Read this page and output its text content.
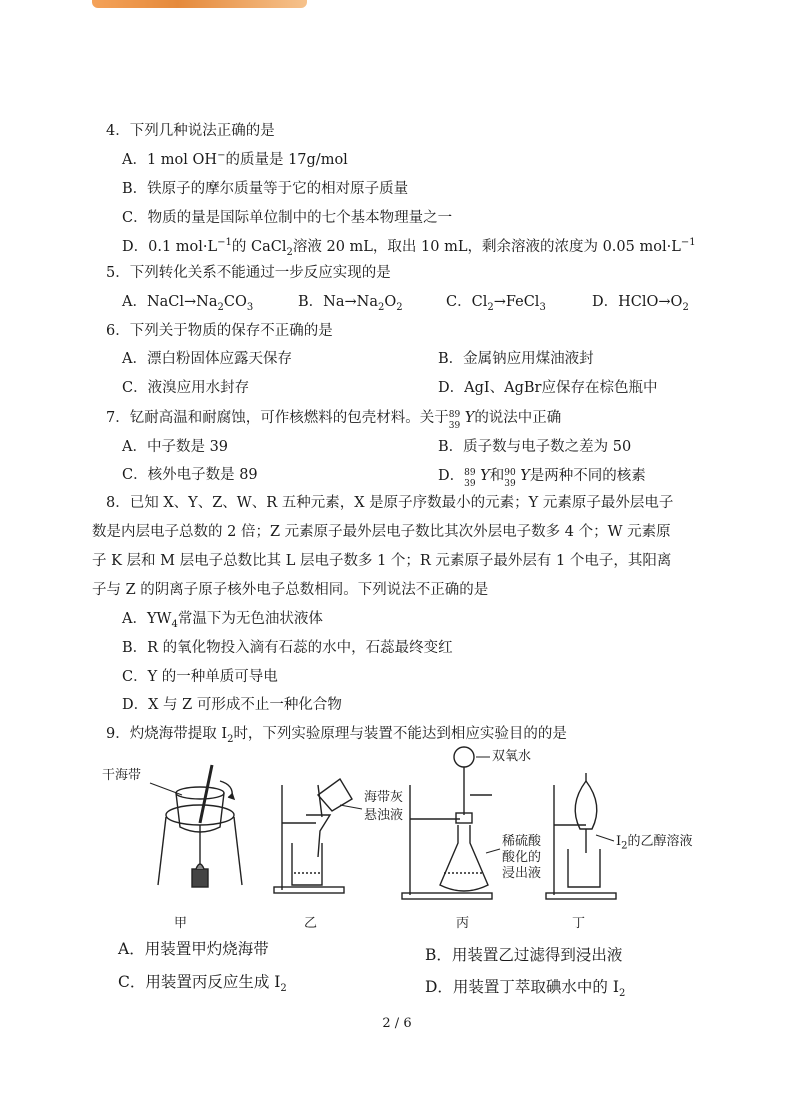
4．下列几种说法正确的是
A．1 mol OH−的质量是 17g/mol
B．铁原子的摩尔质量等于它的相对原子质量
C．物质的量是国际单位制中的七个基本物理量之一
D．0.1 $mol\cdot L^{-1}$的 CaCl$_2$溶液 20 mL，取出 10 mL，剩余溶液的浓度为 0.05 $mol\cdot L^{-1}$
5．下列转化关系不能通过一步反应实现的是
A．$NaCl\to Na_2CO_3$	B．$Na\to Na_2O_2$	C．$Cl_2\to FeCl_3$	D．$HClO\to O_2$
6．下列关于物质的保存不正确的是
A．漂白粉固体应露天保存	B．金属钠应用煤油液封
C．液溴应用水封存	D．AgI、AgBr应保存在棕色瓶中
7．钇耐高温和耐腐蚀，可作核燃料的包壳材料。关于 89
39 Y的说法中正确
A．中子数是 39	B．质子数与电子数之差为 50
C．核外电子数是 89	D． 89
39 Y和 90
39 Y是两种不同的核素
8．已知 X、Y、Z、W、R 五种元素，X 是原子序数最小的元素；Y 元素原子最外层电子
数是内层电子总数的 2 倍；Z 元素原子最外层电子数比其次外层电子数多 4 个；W 元素原
子 K 层和 M 层电子总数比其 L 层电子数多 1 个；R 元素原子最外层有 1 个电子，其阳离
子与 Z 的阴离子原子核外电子总数相同。下列说法不正确的是
A．$YW_4$常温下为无色油状液体
B．R 的氧化物投入滴有石蕊的水中，石蕊最终变红
C．Y 的一种单质可导电
D．X 与 Z 可形成不止一种化合物
9．灼烧海带提取 $I_2$时，下列实验原理与装置不能达到相应实验目的的是
干海带
海带灰
悬浊液
双氧水
稀硫酸
酸化的
浸出液
$I_2$的乙醇溶液
甲	乙	丙	丁
A．用装置甲灼烧海带	B．用装置乙过滤得到浸出液
C．用装置丙反应生成 $I_2$	D．用装置丁萃取碘水中的 $I_2$
2 / 6
